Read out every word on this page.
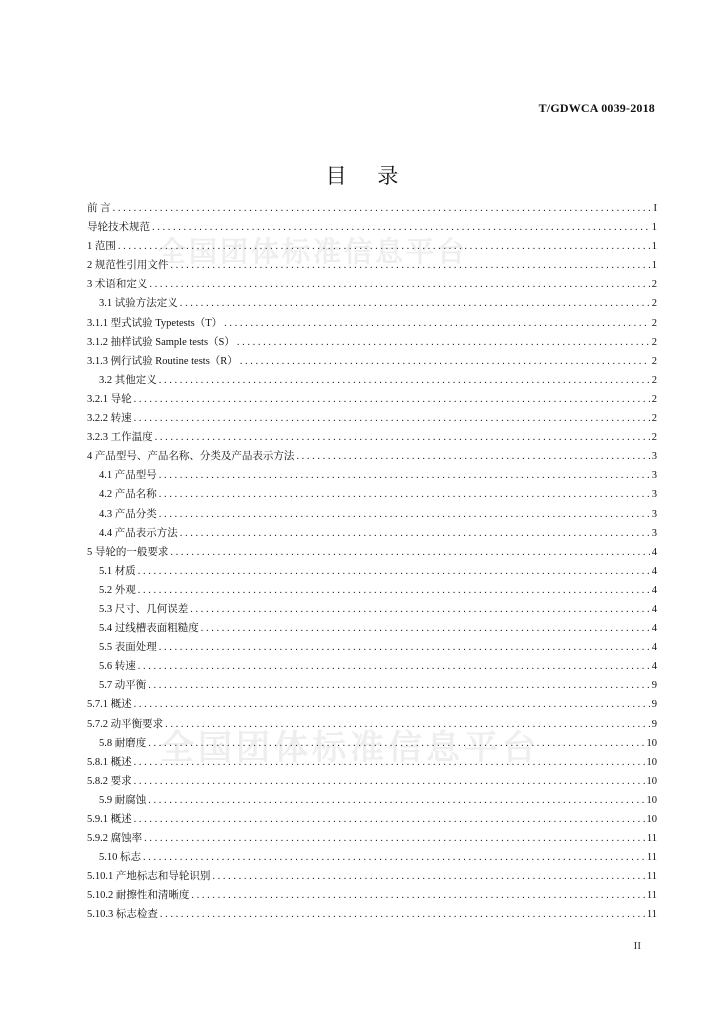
T/GDWCA 0039-2018
目 录
全国团体标准信息平台
全国团体标准信息平台
前 言 . . .	I
导轮技术规范 . . .	1
1 范围 . . .	1
2 规范性引用文件 . . .	1
3 术语和定义 . . .	2
3.1 试验方法定义 . . .	2
3.1.1 型式试验 Typetests（T） . . .	2
3.1.2 抽样试验 Sample tests（S） . . .	2
3.1.3 例行试验 Routine tests（R） . . .	2
3.2 其他定义 . . .	2
3.2.1 导轮 . . .	2
3.2.2 转速 . . .	2
3.2.3 工作温度 . . .	2
4 产品型号、产品名称、分类及产品表示方法 . . .	3
4.1 产品型号 . . .	3
4.2 产品名称 . . .	3
4.3 产品分类 . . .	3
4.4 产品表示方法 . . .	3
5 导轮的一般要求 . . .	4
5.1 材质 . . .	4
5.2 外观 . . .	4
5.3 尺寸、几何误差 . . .	4
5.4 过线槽表面粗糙度 . . .	4
5.5 表面处理 . . .	4
5.6 转速 . . .	4
5.7 动平衡 . . .	9
5.7.1 概述 . . .	9
5.7.2 动平衡要求 . . .	9
5.8 耐磨度 . . .	10
5.8.1 概述 . . .	10
5.8.2 要求 . . .	10
5.9 耐腐蚀 . . .	10
5.9.1 概述 . . .	10
5.9.2 腐蚀率 . . .	11
5.10 标志 . . .	11
5.10.1 产地标志和导轮识别 . . .	11
5.10.2 耐擦性和清晰度 . . .	11
5.10.3 标志检查 . . .	11
II
